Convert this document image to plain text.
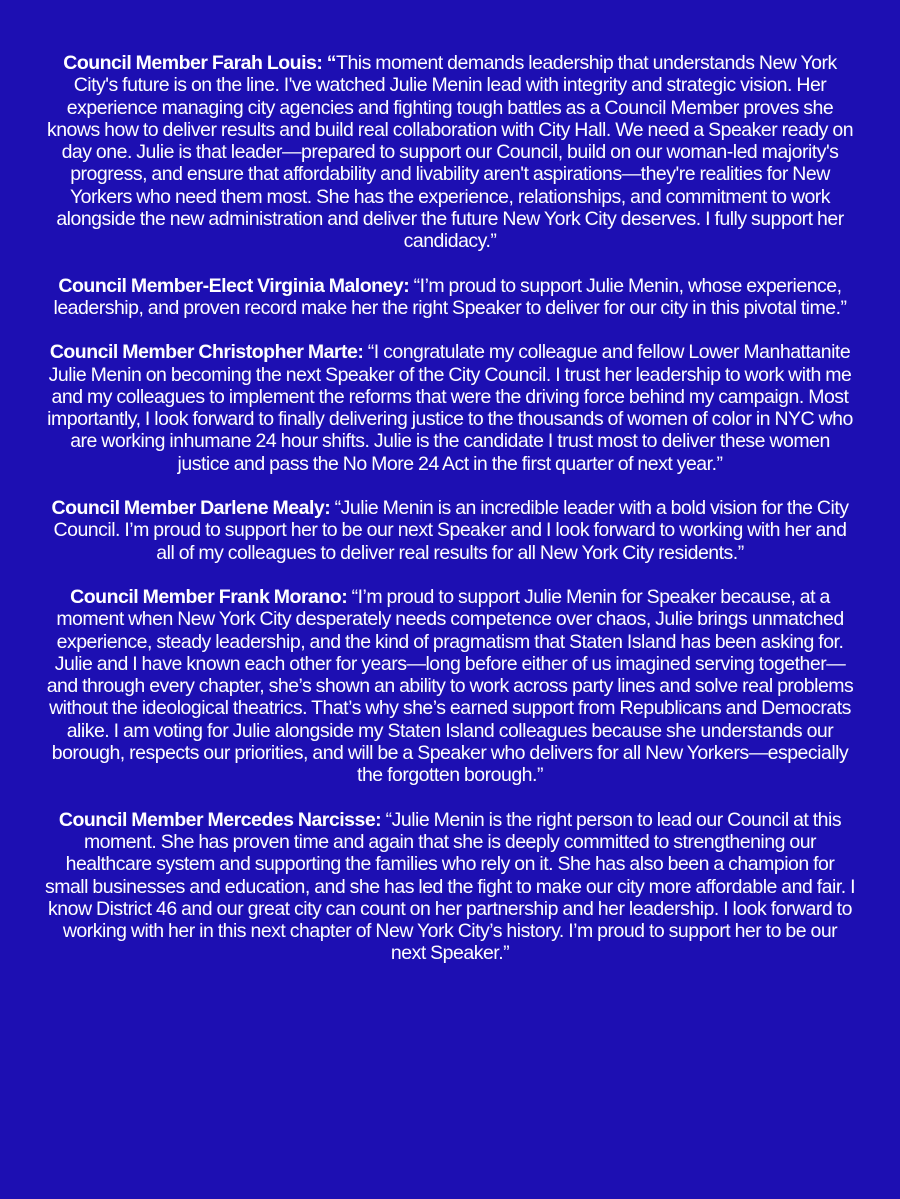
Council Member Farah Louis: “This moment demands leadership that understands New York City's future is on the line. I've watched Julie Menin lead with integrity and strategic vision. Her experience managing city agencies and fighting tough battles as a Council Member proves she knows how to deliver results and build real collaboration with City Hall. We need a Speaker ready on day one. Julie is that leader—prepared to support our Council, build on our woman-led majority's progress, and ensure that affordability and livability aren't aspirations—they're realities for New Yorkers who need them most. She has the experience, relationships, and commitment to work alongside the new administration and deliver the future New York City deserves. I fully support her candidacy.”

Council Member-Elect Virginia Maloney: “I’m proud to support Julie Menin, whose experience, leadership, and proven record make her the right Speaker to deliver for our city in this pivotal time.”

Council Member Christopher Marte: “I congratulate my colleague and fellow Lower Manhattanite Julie Menin on becoming the next Speaker of the City Council. I trust her leadership to work with me and my colleagues to implement the reforms that were the driving force behind my campaign. Most importantly, I look forward to finally delivering justice to the thousands of women of color in NYC who are working inhumane 24 hour shifts. Julie is the candidate I trust most to deliver these women justice and pass the No More 24 Act in the first quarter of next year.”

Council Member Darlene Mealy: “Julie Menin is an incredible leader with a bold vision for the City Council. I’m proud to support her to be our next Speaker and I look forward to working with her and all of my colleagues to deliver real results for all New York City residents.”

Council Member Frank Morano: “I’m proud to support Julie Menin for Speaker because, at a moment when New York City desperately needs competence over chaos, Julie brings unmatched experience, steady leadership, and the kind of pragmatism that Staten Island has been asking for. Julie and I have known each other for years—long before either of us imagined serving together—and through every chapter, she’s shown an ability to work across party lines and solve real problems without the ideological theatrics. That’s why she’s earned support from Republicans and Democrats alike. I am voting for Julie alongside my Staten Island colleagues because she understands our borough, respects our priorities, and will be a Speaker who delivers for all New Yorkers—especially the forgotten borough.”

Council Member Mercedes Narcisse: “Julie Menin is the right person to lead our Council at this moment. She has proven time and again that she is deeply committed to strengthening our healthcare system and supporting the families who rely on it. She has also been a champion for small businesses and education, and she has led the fight to make our city more affordable and fair. I know District 46 and our great city can count on her partnership and her leadership. I look forward to working with her in this next chapter of New York City’s history. I’m proud to support her to be our next Speaker.”
